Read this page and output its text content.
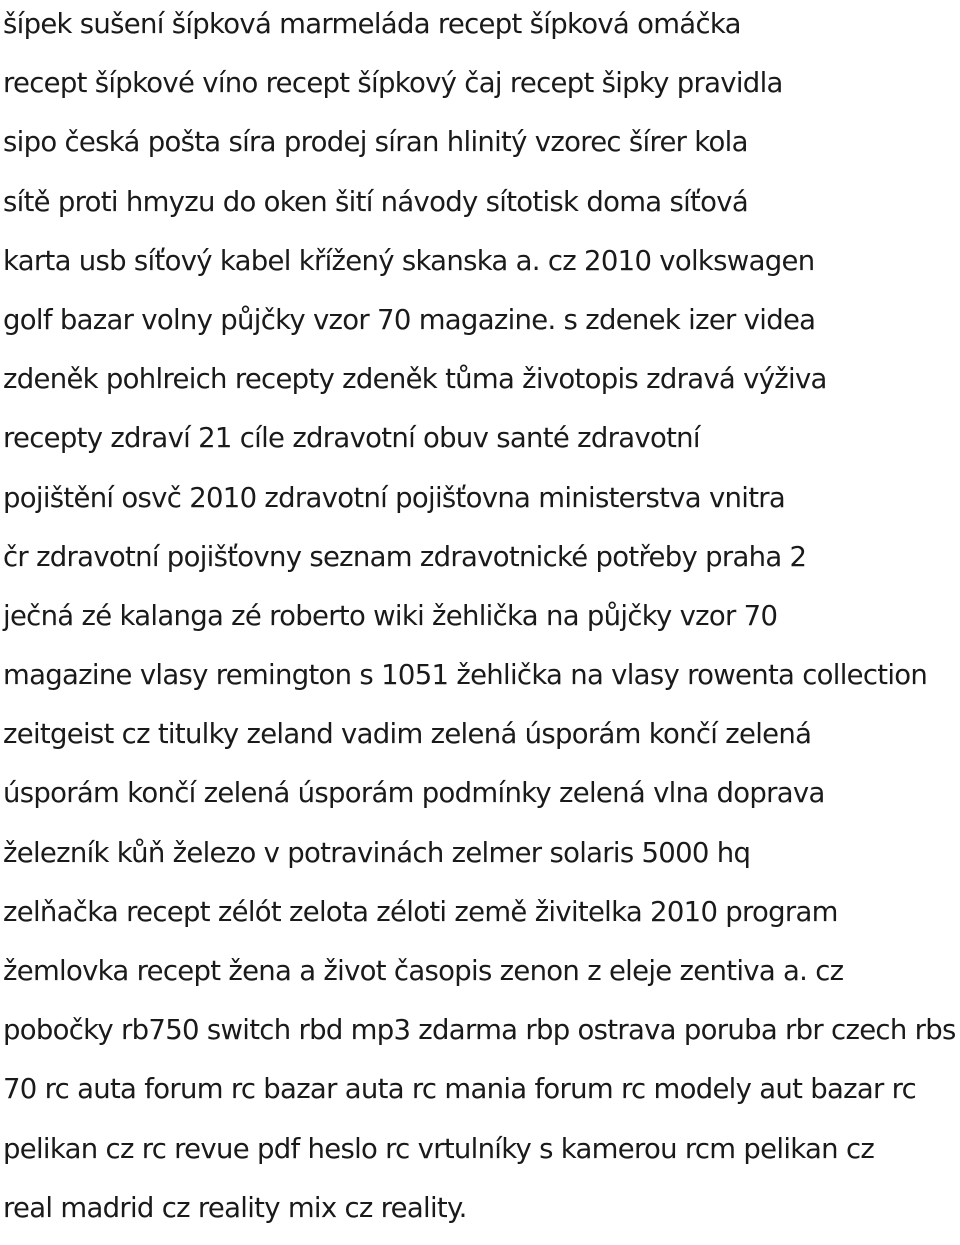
šípek sušení šípková marmeláda recept šípková omáčka
recept šípkové víno recept šípkový čaj recept šipky pravidla
sipo česká pošta síra prodej síran hlinitý vzorec šírer kola
sítě proti hmyzu do oken šití návody sítotisk doma síťová
karta usb síťový kabel křížený skanska a. cz 2010 volkswagen
golf bazar volny půjčky vzor 70 magazine. s zdenek izer videa
zdeněk pohlreich recepty zdeněk tůma životopis zdravá výživa
recepty zdraví 21 cíle zdravotní obuv santé zdravotní
pojištění osvč 2010 zdravotní pojišťovna ministerstva vnitra
čr zdravotní pojišťovny seznam zdravotnické potřeby praha 2
ječná zé kalanga zé roberto wiki žehlička na půjčky vzor 70
magazine vlasy remington s 1051 žehlička na vlasy rowenta collection
zeitgeist cz titulky zeland vadim zelená úsporám končí zelená
úsporám končí zelená úsporám podmínky zelená vlna doprava
železník kůň železo v potravinách zelmer solaris 5000 hq
zelňačka recept zélót zelota zéloti země živitelka 2010 program
žemlovka recept žena a život časopis zenon z eleje zentiva a. cz
pobočky rb750 switch rbd mp3 zdarma rbp ostrava poruba rbr czech rbs
70 rc auta forum rc bazar auta rc mania forum rc modely aut bazar rc
pelikan cz rc revue pdf heslo rc vrtulníky s kamerou rcm pelikan cz
real madrid cz reality mix cz reality.
